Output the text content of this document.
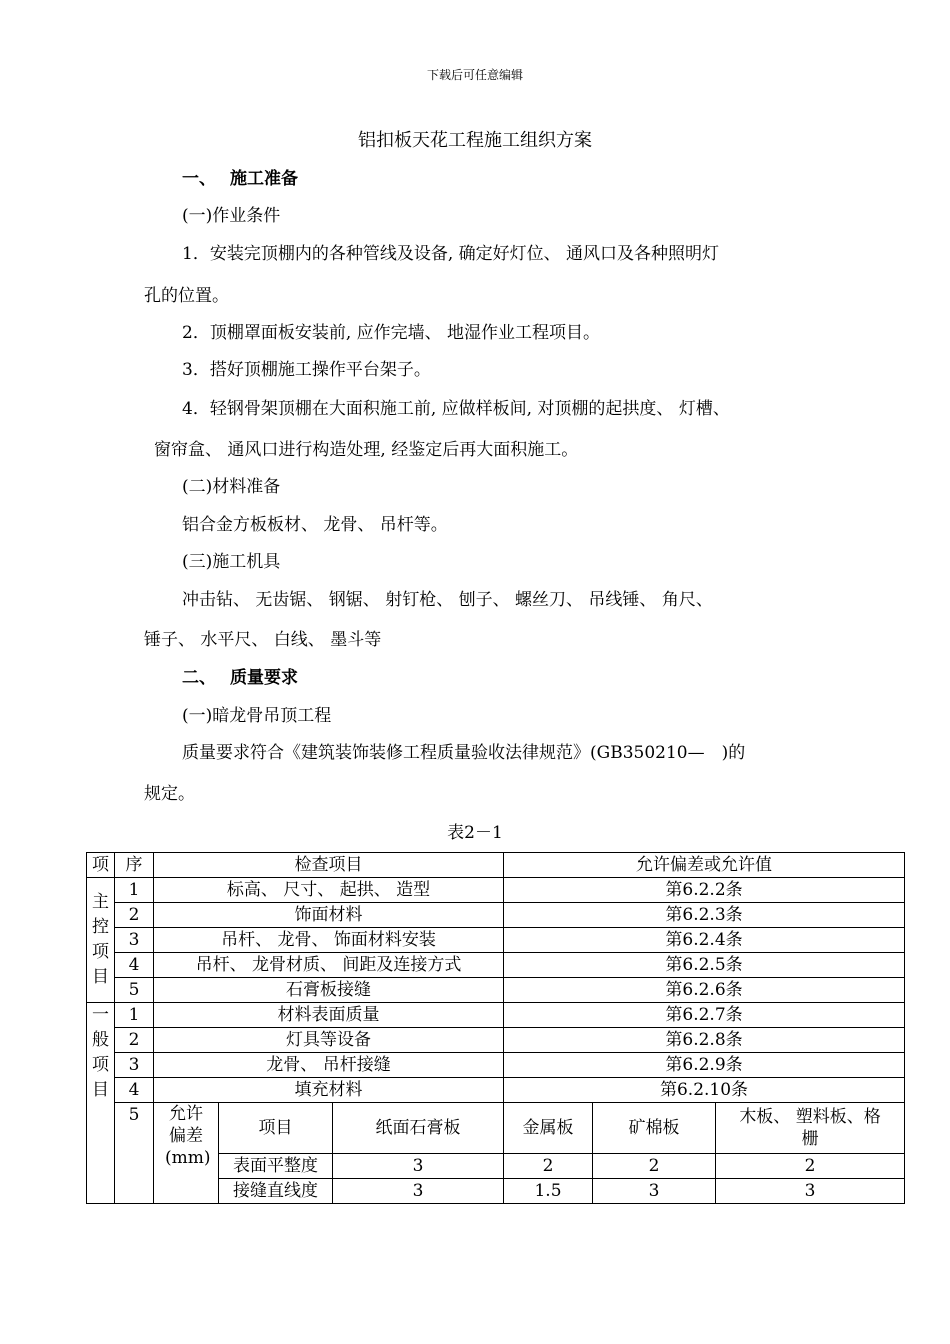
下载后可任意编辑
铝扣板天花工程施工组织方案
一、 施工准备
(一)作业条件
1．安装完顶棚内的各种管线及设备, 确定好灯位、 通风口及各种照明灯
孔的位置。
2．顶棚罩面板安装前, 应作完墙、 地湿作业工程项目。
3．搭好顶棚施工操作平台架子。
4．轻钢骨架顶棚在大面积施工前, 应做样板间, 对顶棚的起拱度、 灯槽、
窗帘盒、 通风口进行构造处理, 经鉴定后再大面积施工。
(二)材料准备
铝合金方板板材、 龙骨、 吊杆等。
(三)施工机具
冲击钻、 无齿锯、 钢锯、 射钉枪、 刨子、 螺丝刀、 吊线锤、 角尺、
锤子、 水平尺、 白线、 墨斗等
二、 质量要求
(一)暗龙骨吊顶工程
质量要求符合《建筑装饰装修工程质量验收法律规范》(GB350210—　)的
规定。
表2－1
项	序	检查项目			允许偏差或允许值		

主控项目	1	标高、 尺寸、 起拱、 造型			第6.2.2条		
	2	饰面材料			第6.2.3条		
	3	吊杆、 龙骨、 饰面材料安装			第6.2.4条		
	4	吊杆、 龙骨材质、 间距及连接方式			第6.2.5条		
	5	石膏板接缝			第6.2.6条		

一般项目	1	材料表面质量			第6.2.7条		
	2	灯具等设备			第6.2.8条		
	3	龙骨、 吊杆接缝			第6.2.9条		
	4	填充材料			第6.2.10条		
	5	允许偏差(mm)	项目	纸面石膏板	金属板	矿棉板	木板、 塑料板、格栅

			表面平整度	3	2	2	2
			接缝直线度	3	1.5	3	3
